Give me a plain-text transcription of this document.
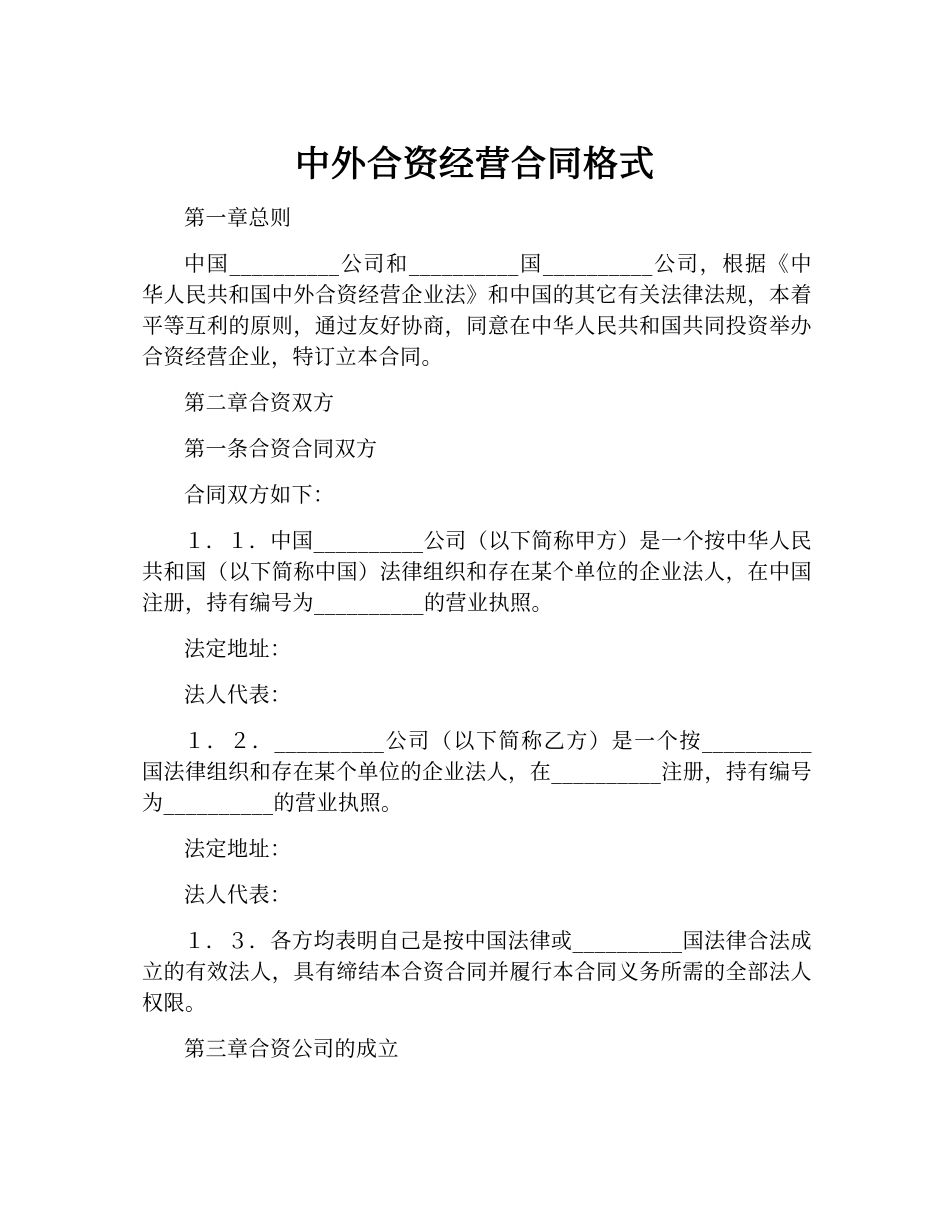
中外合资经营合同格式

第一章总则

中国__________公司和__________国__________公司，根据《中华人民共和国中外合资经营企业法》和中国的其它有关法律法规，本着平等互利的原则，通过友好协商，同意在中华人民共和国共同投资举办合资经营企业，特订立本合同。

第二章合资双方

第一条合资合同双方

合同双方如下：

１．１．中国__________公司（以下简称甲方）是一个按中华人民共和国（以下简称中国）法律组织和存在某个单位的企业法人，在中国注册，持有编号为__________的营业执照。

法定地址：

法人代表：

１．２．__________公司（以下简称乙方）是一个按__________国法律组织和存在某个单位的企业法人，在__________注册，持有编号为__________的营业执照。

法定地址：

法人代表：

１．３．各方均表明自己是按中国法律或__________国法律合法成立的有效法人，具有缔结本合资合同并履行本合同义务所需的全部法人权限。

第三章合资公司的成立
